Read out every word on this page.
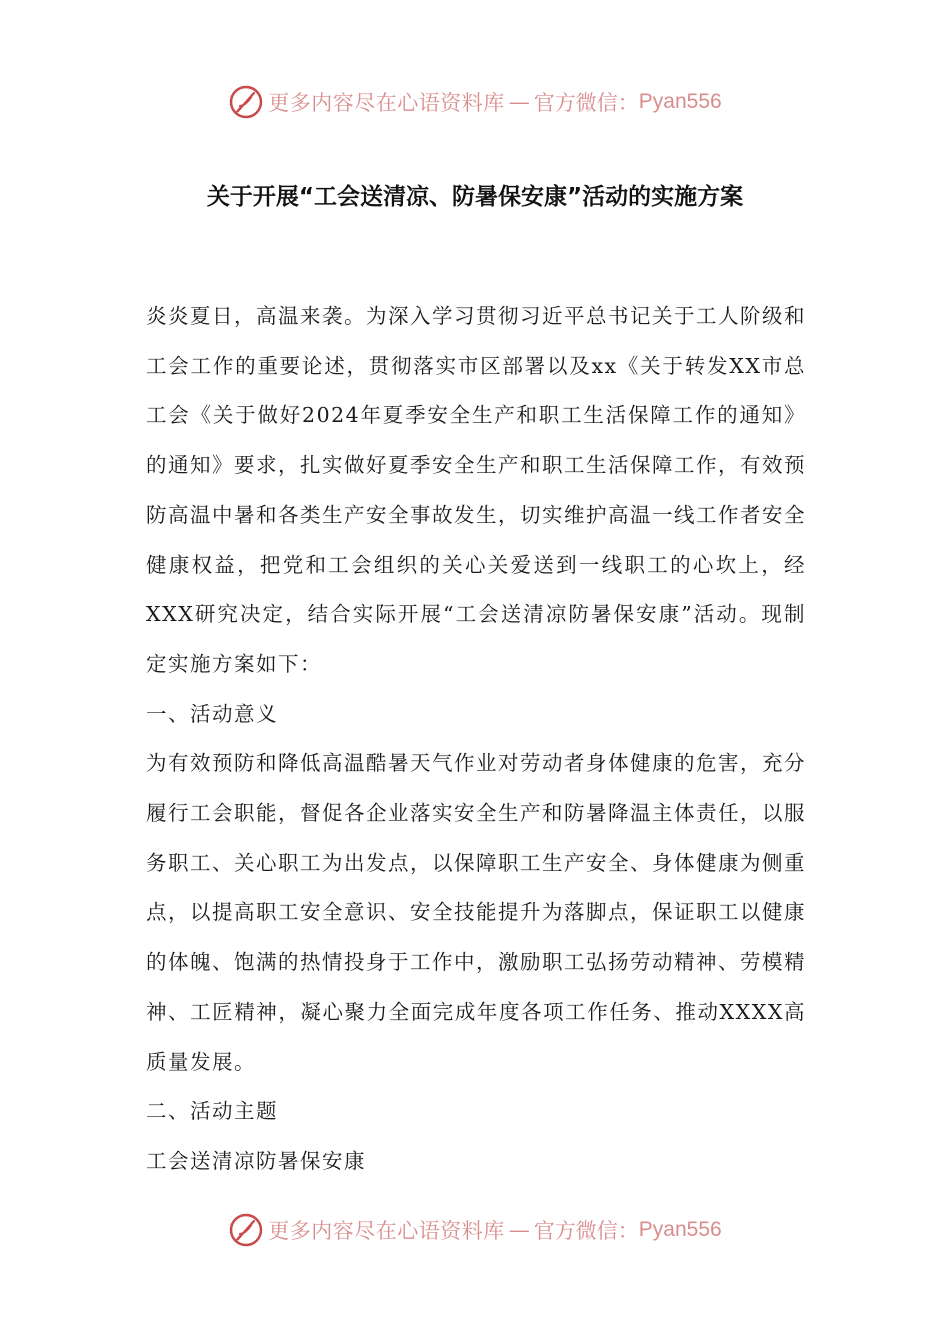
更多内容尽在心语资料库 — 官方微信： Pyan556
关于开展“工会送清凉、防暑保安康”活动的实施方案

炎炎夏日，高温来袭。为深入学习贯彻习近平总书记关于工人阶级和工会工作的重要论述，贯彻落实市区部署以及xx《关于转发XX市总工会《关于做好2024年夏季安全生产和职工生活保障工作的通知》的通知》要求，扎实做好夏季安全生产和职工生活保障工作，有效预防高温中暑和各类生产安全事故发生，切实维护高温一线工作者安全健康权益，把党和工会组织的关心关爱送到一线职工的心坎上，经XXX研究决定，结合实际开展“工会送清凉防暑保安康”活动。现制定实施方案如下：

一、活动意义

为有效预防和降低高温酷暑天气作业对劳动者身体健康的危害，充分履行工会职能，督促各企业落实安全生产和防暑降温主体责任，以服务职工、关心职工为出发点，以保障职工生产安全、身体健康为侧重点，以提高职工安全意识、安全技能提升为落脚点，保证职工以健康的体魄、饱满的热情投身于工作中，激励职工弘扬劳动精神、劳模精神、工匠精神，凝心聚力全面完成年度各项工作任务、推动XXXX高质量发展。

二、活动主题

工会送清凉防暑保安康

更多内容尽在心语资料库 — 官方微信： Pyan556
